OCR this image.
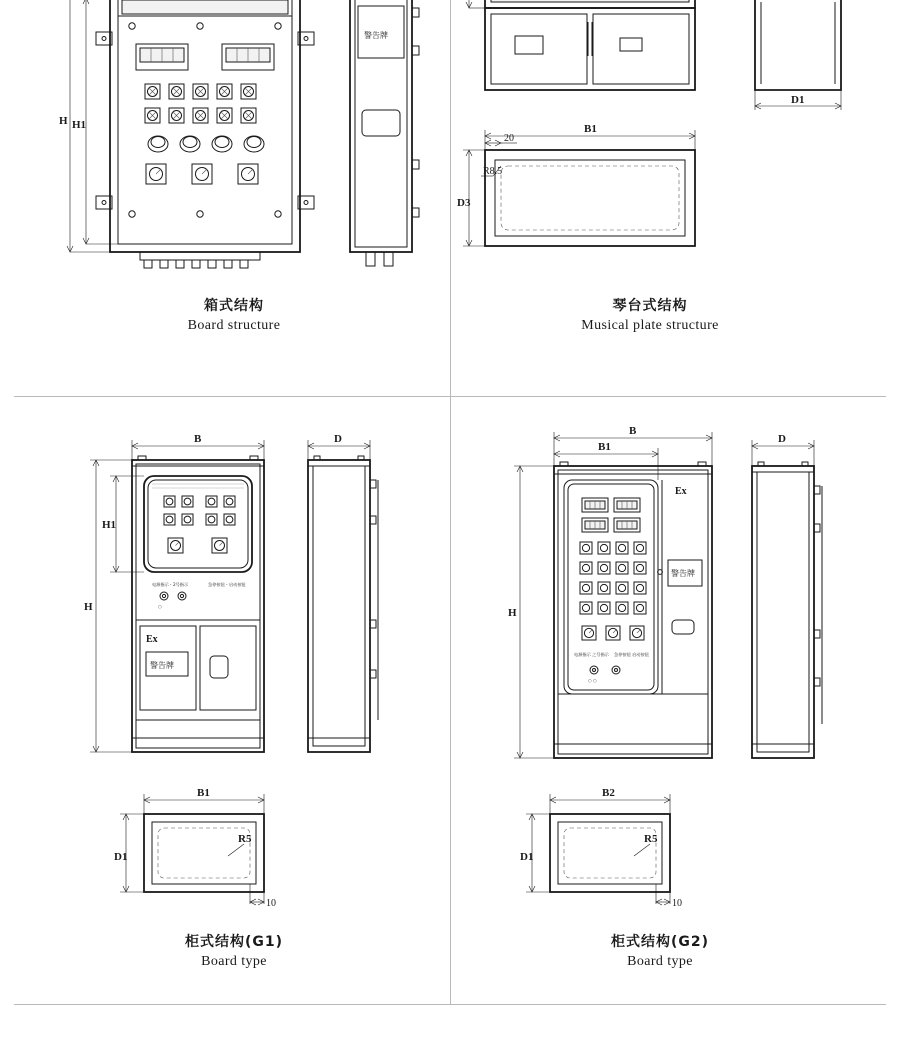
H H1
警告牌
箱式结构
Board structure
D1
B1
D3
20
R8.5
琴台式结构
Musical plate structure
电源指示・2号指示	急停按钮・启动按钮
○
Ex
警告牌
B
H1
H
D
B1
D1
R5
10
柜式结构(G1)
Board type
电源指示 之号指示 急停按钮 启动按钮
○ ○
Ex
警告牌
B
B1
H
D
B2
D1
R5
10
柜式结构(G2)
Board type
